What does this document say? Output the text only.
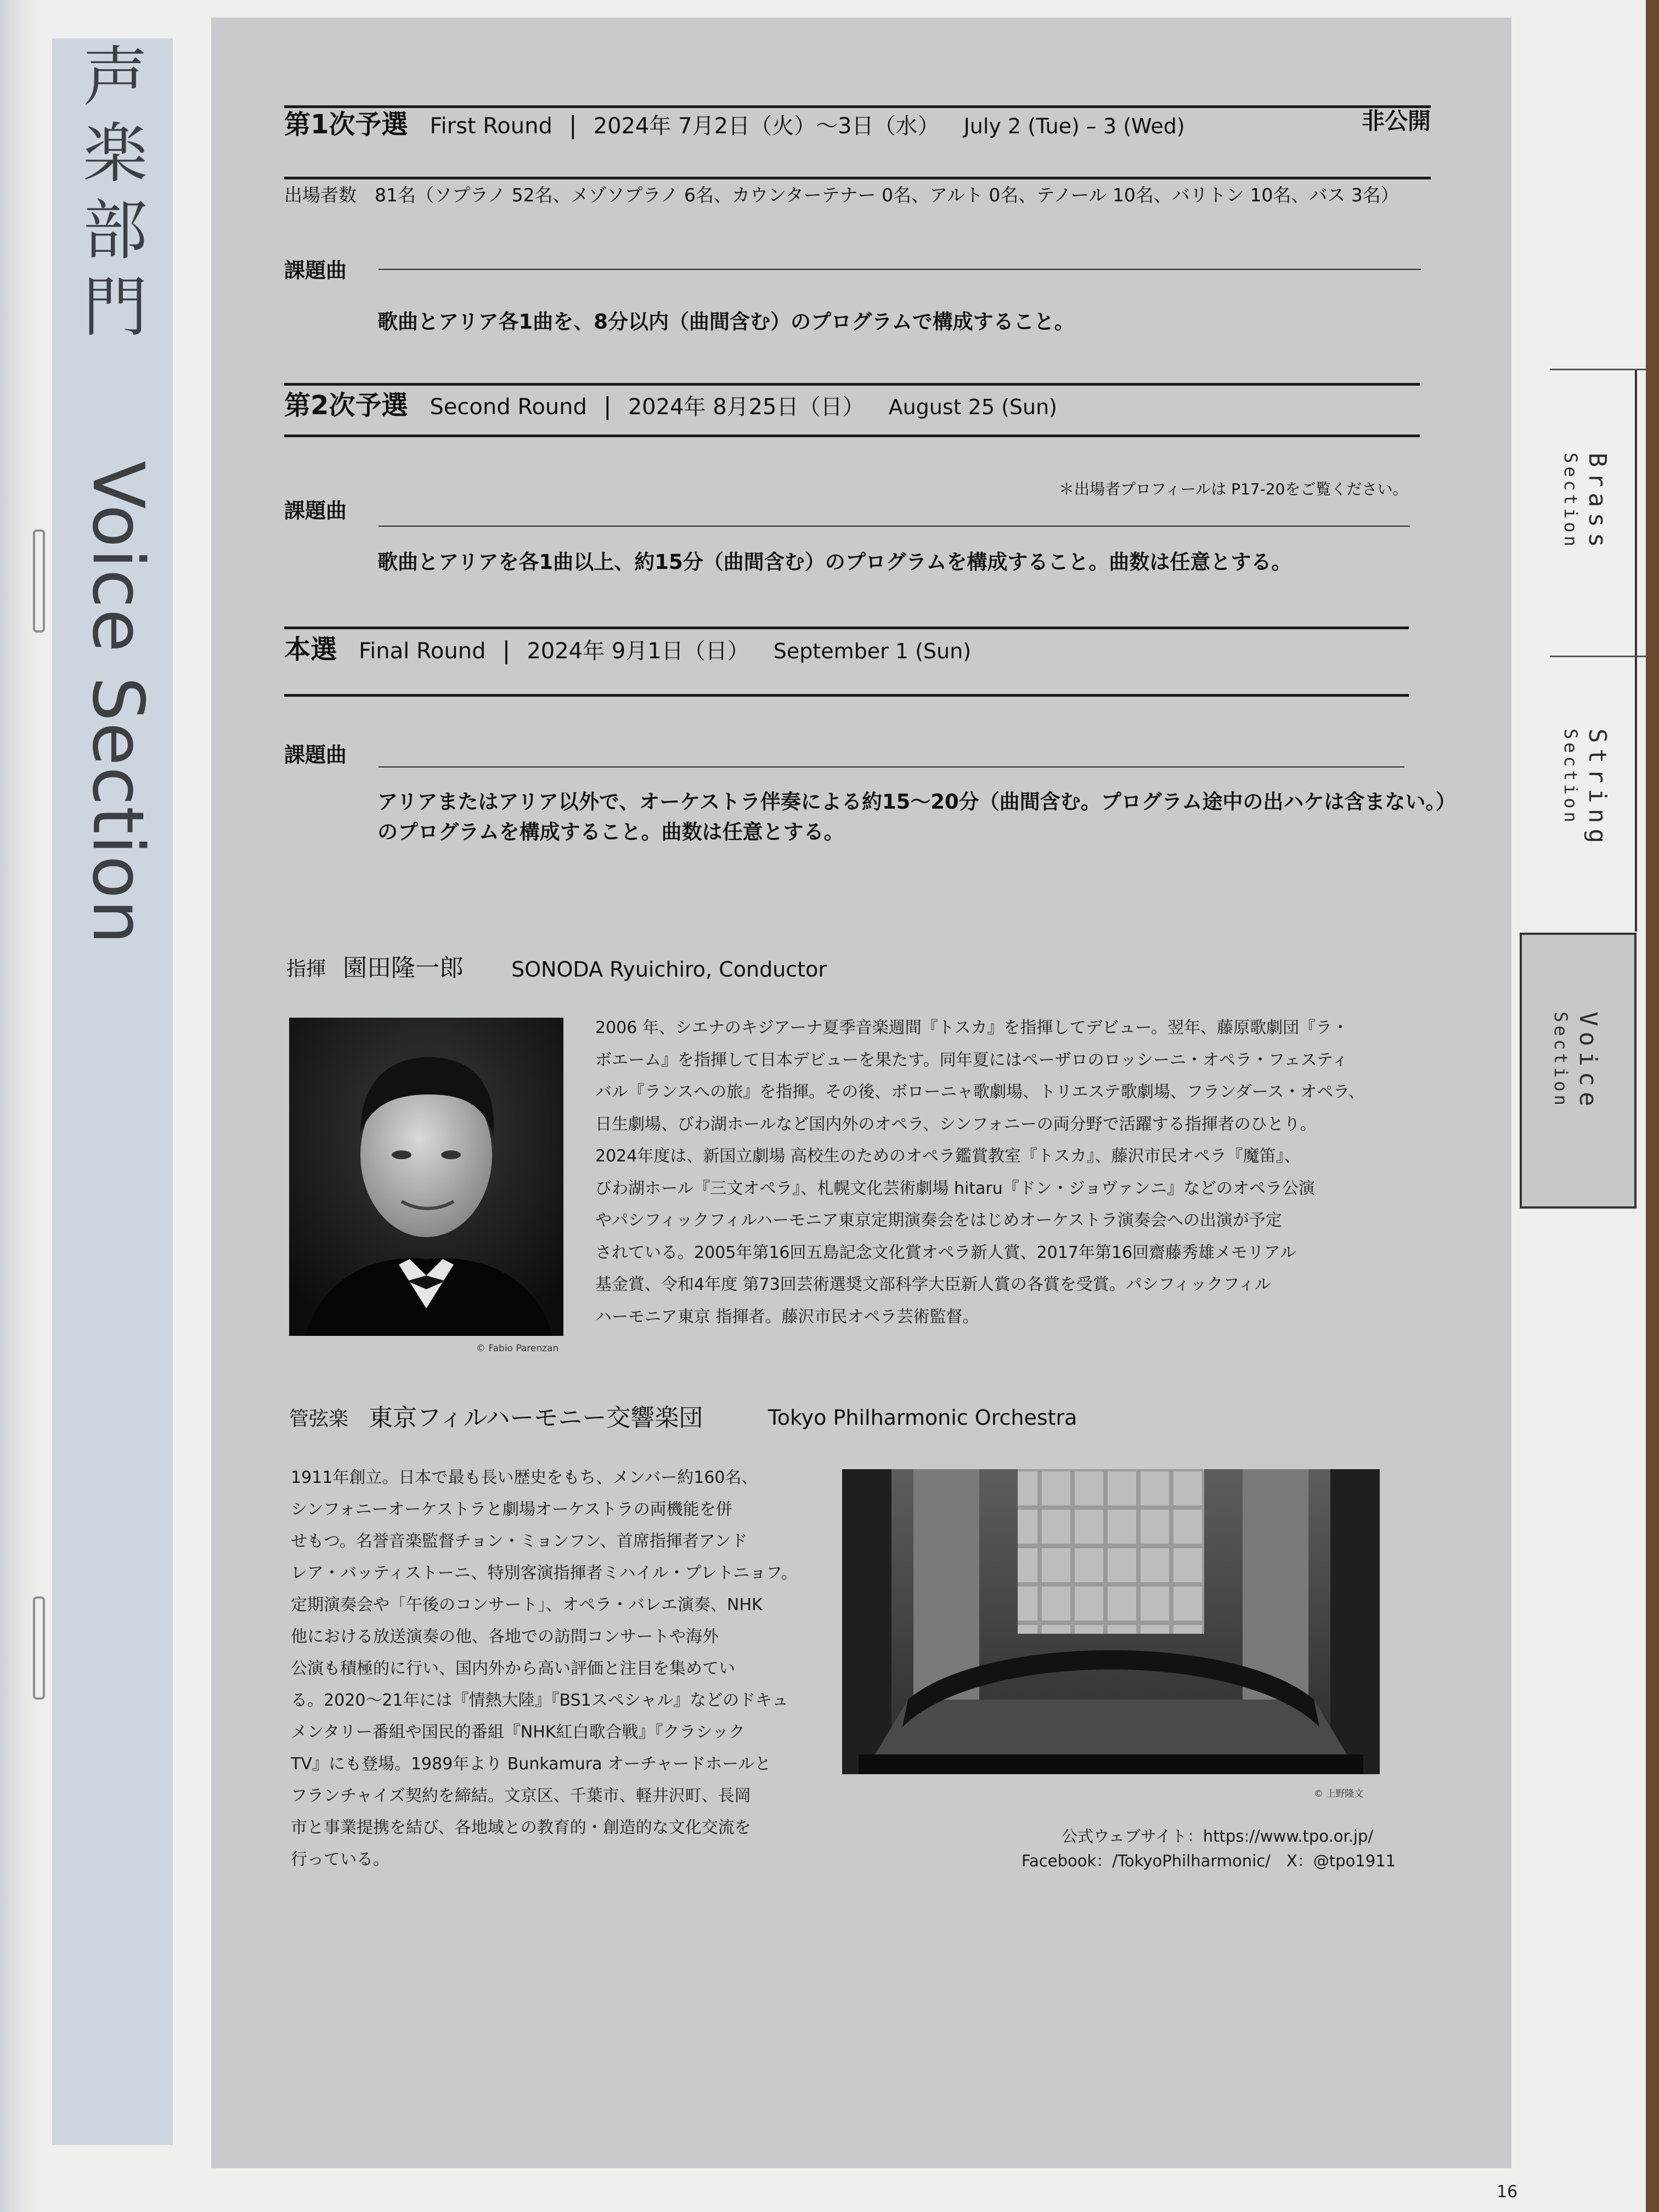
声楽部門
Voice Section
第1次予選 First Round | 2024年 7月2日（火）～3日（水） July 2 (Tue) – 3 (Wed)	非公開
出場者数　81名（ソプラノ 52名、メゾソプラノ 6名、カウンターテナー 0名、アルト 0名、テノール 10名、バリトン 10名、バス 3名）
課題曲
歌曲とアリア各1曲を、8分以内（曲間含む）のプログラムで構成すること。
第2次予選 Second Round | 2024年 8月25日（日） August 25 (Sun)
＊出場者プロフィールは P17-20をご覧ください。
課題曲
歌曲とアリアを各1曲以上、約15分（曲間含む）のプログラムを構成すること。曲数は任意とする。
本選 Final Round | 2024年 9月1日（日） September 1 (Sun)
課題曲
アリアまたはアリア以外で、オーケストラ伴奏による約15～20分（曲間含む。プログラム途中の出ハケは含まない。）
のプログラムを構成すること。曲数は任意とする。
指揮 園田隆一郎 SONODA Ryuichiro, Conductor
© Fabio Parenzan
2006 年、シエナのキジアーナ夏季音楽週間『トスカ』を指揮してデビュー。翌年、藤原歌劇団『ラ・
ボエーム』を指揮して日本デビューを果たす。同年夏にはペーザロのロッシーニ・オペラ・フェスティ
バル『ランスへの旅』を指揮。その後、ボローニャ歌劇場、トリエステ歌劇場、フランダース・オペラ、
日生劇場、びわ湖ホールなど国内外のオペラ、シンフォニーの両分野で活躍する指揮者のひとり。
2024年度は、新国立劇場 高校生のためのオペラ鑑賞教室『トスカ』、藤沢市民オペラ『魔笛』、
びわ湖ホール『三文オペラ』、札幌文化芸術劇場 hitaru『ドン・ジョヴァンニ』などのオペラ公演
やパシフィックフィルハーモニア東京定期演奏会をはじめオーケストラ演奏会への出演が予定
されている。2005年第16回五島記念文化賞オペラ新人賞、2017年第16回齋藤秀雄メモリアル
基金賞、令和4年度 第73回芸術選奨文部科学大臣新人賞の各賞を受賞。パシフィックフィル
ハーモニア東京 指揮者。藤沢市民オペラ芸術監督。
管弦楽 東京フィルハーモニー交響楽団	Tokyo Philharmonic Orchestra
1911年創立。日本で最も長い歴史をもち、メンバー約160名、
シンフォニーオーケストラと劇場オーケストラの両機能を併
せもつ。名誉音楽監督チョン・ミョンフン、首席指揮者アンド
レア・バッティストーニ、特別客演指揮者ミハイル・プレトニョフ。
定期演奏会や「午後のコンサート」、オペラ・バレエ演奏、NHK
他における放送演奏の他、各地での訪問コンサートや海外
公演も積極的に行い、国内外から高い評価と注目を集めてい
る。2020～21年には『情熱大陸』『BS1スペシャル』などのドキュ
メンタリー番組や国民的番組『NHK紅白歌合戦』『クラシック
TV』にも登場。1989年より Bunkamura オーチャードホールと
フランチャイズ契約を締結。文京区、千葉市、軽井沢町、長岡
市と事業提携を結び、各地域との教育的・創造的な文化交流を
行っている。
© 上野隆文
公式ウェブサイト：https://www.tpo.or.jp/
Facebook：/TokyoPhilharmonic/　X：@tpo1911
Brass
Section
String
Section
Voice
Section
16
